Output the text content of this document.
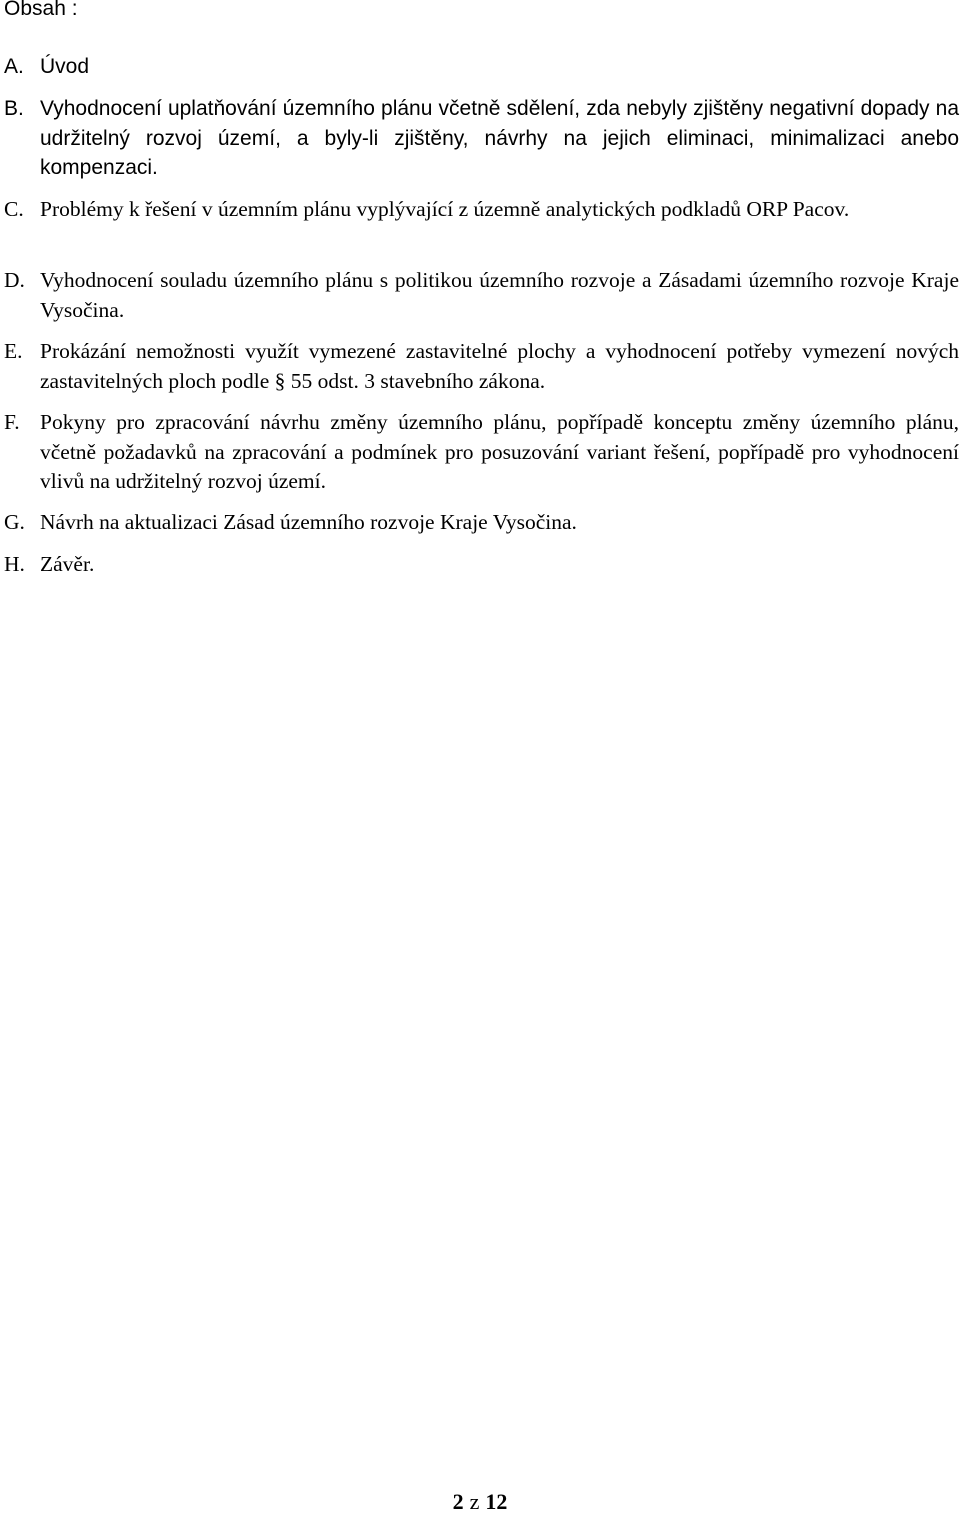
Obsah :
A. Úvod
B. Vyhodnocení uplatňování územního plánu včetně sdělení, zda nebyly zjištěny negativní dopady na udržitelný rozvoj území, a byly-li zjištěny, návrhy na jejich eliminaci, minimalizaci anebo kompenzaci.
C. Problémy k řešení v územním plánu vyplývající z územně analytických podkladů ORP Pacov.
D. Vyhodnocení souladu územního plánu s politikou územního rozvoje a Zásadami územního rozvoje Kraje Vysočina.
E. Prokázání nemožnosti využít vymezené zastavitelné plochy a vyhodnocení potřeby vymezení nových zastavitelných ploch podle § 55 odst. 3 stavebního zákona.
F. Pokyny pro zpracování návrhu změny územního plánu, popřípadě konceptu změny územního plánu, včetně požadavků na zpracování a podmínek pro posuzování variant řešení, popřípadě pro vyhodnocení vlivů na udržitelný rozvoj území.
G. Návrh na aktualizaci Zásad územního rozvoje Kraje Vysočina.
H. Závěr.
2 z 12
